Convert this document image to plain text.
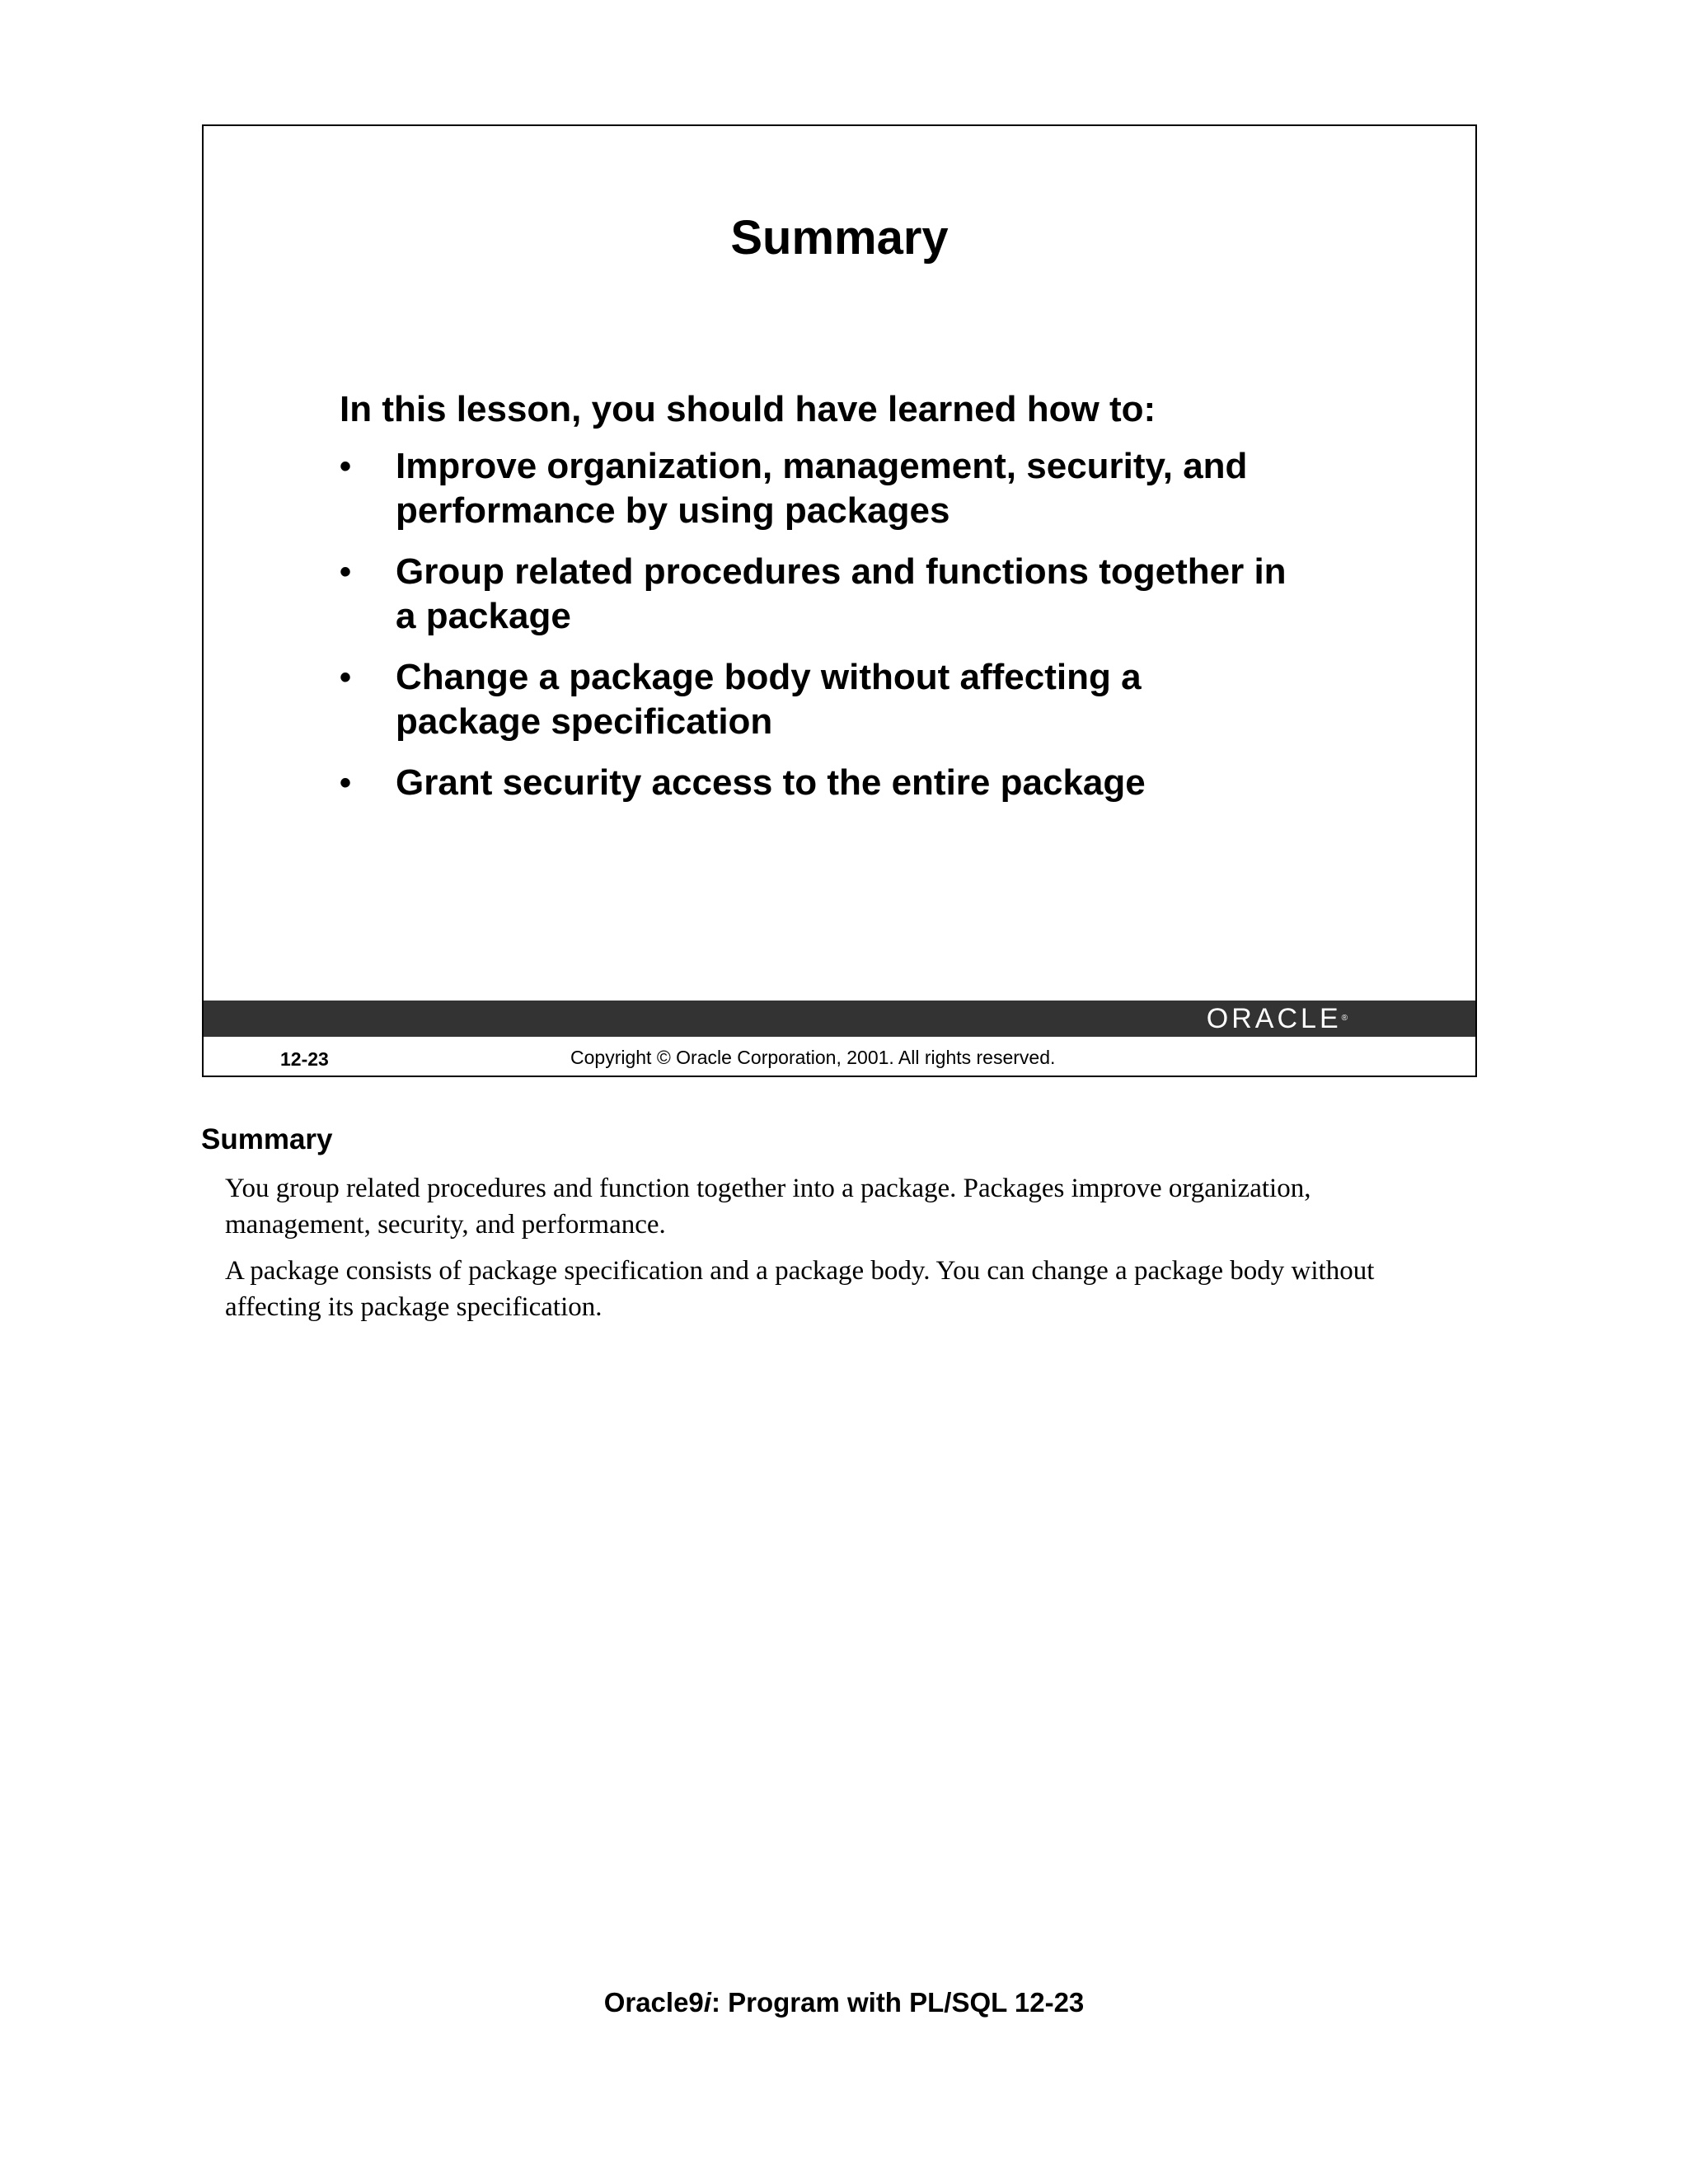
Summary
In this lesson, you should have learned how to:
• Improve organization, management, security, and performance by using packages
• Group related procedures and functions together in a package
• Change a package body without affecting a package specification
• Grant security access to the entire package
ORACLE®
12-23	Copyright © Oracle Corporation, 2001. All rights reserved.
Summary

You group related procedures and function together into a package. Packages improve organization, management, security, and performance.

A package consists of package specification and a package body. You can change a package body without affecting its package specification.

Oracle9i: Program with PL/SQL 12-23
